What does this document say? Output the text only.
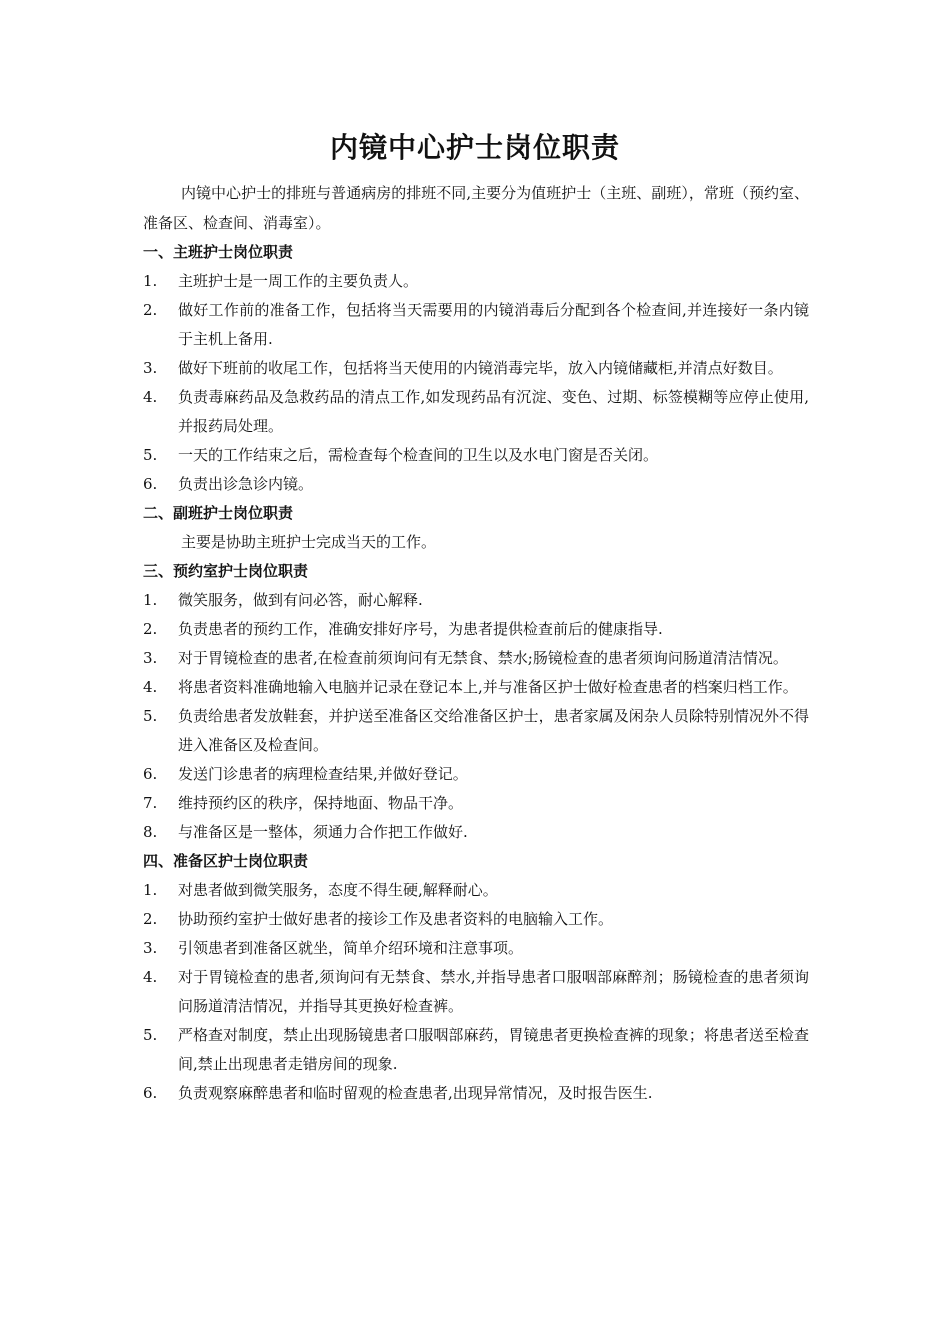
内镜中心护士岗位职责

内镜中心护士的排班与普通病房的排班不同,主要分为值班护士（主班、副班），常班（预约室、准备区、检查间、消毒室）。

一、主班护士岗位职责

1.	主班护士是一周工作的主要负责人。
2.	做好工作前的准备工作，包括将当天需要用的内镜消毒后分配到各个检查间,并连接好一条内镜于主机上备用.
3.	做好下班前的收尾工作，包括将当天使用的内镜消毒完毕，放入内镜储藏柜,并清点好数目。
4.	负责毒麻药品及急救药品的清点工作,如发现药品有沉淀、变色、过期、标签模糊等应停止使用,并报药局处理。
5.	一天的工作结束之后，需检查每个检查间的卫生以及水电门窗是否关闭。
6.	负责出诊急诊内镜。

二、副班护士岗位职责

主要是协助主班护士完成当天的工作。

三、预约室护士岗位职责

1.	微笑服务，做到有问必答，耐心解释.
2.	负责患者的预约工作，准确安排好序号，为患者提供检查前后的健康指导.
3.	对于胃镜检查的患者,在检查前须询问有无禁食、禁水;肠镜检查的患者须询问肠道清洁情况。
4.	将患者资料准确地输入电脑并记录在登记本上,并与准备区护士做好检查患者的档案归档工作。
5.	负责给患者发放鞋套，并护送至准备区交给准备区护士，患者家属及闲杂人员除特别情况外不得进入准备区及检查间。
6.	发送门诊患者的病理检查结果,并做好登记。
7.	维持预约区的秩序，保持地面、物品干净。
8.	与准备区是一整体，须通力合作把工作做好.

四、准备区护士岗位职责

1.	对患者做到微笑服务，态度不得生硬,解释耐心。
2.	协助预约室护士做好患者的接诊工作及患者资料的电脑输入工作。
3.	引领患者到准备区就坐，简单介绍环境和注意事项。
4.	对于胃镜检查的患者,须询问有无禁食、禁水,并指导患者口服咽部麻醉剂；肠镜检查的患者须询问肠道清洁情况，并指导其更换好检查裤。
5.	严格查对制度，禁止出现肠镜患者口服咽部麻药，胃镜患者更换检查裤的现象；将患者送至检查间,禁止出现患者走错房间的现象.
6.	负责观察麻醉患者和临时留观的检查患者,出现异常情况，及时报告医生.
